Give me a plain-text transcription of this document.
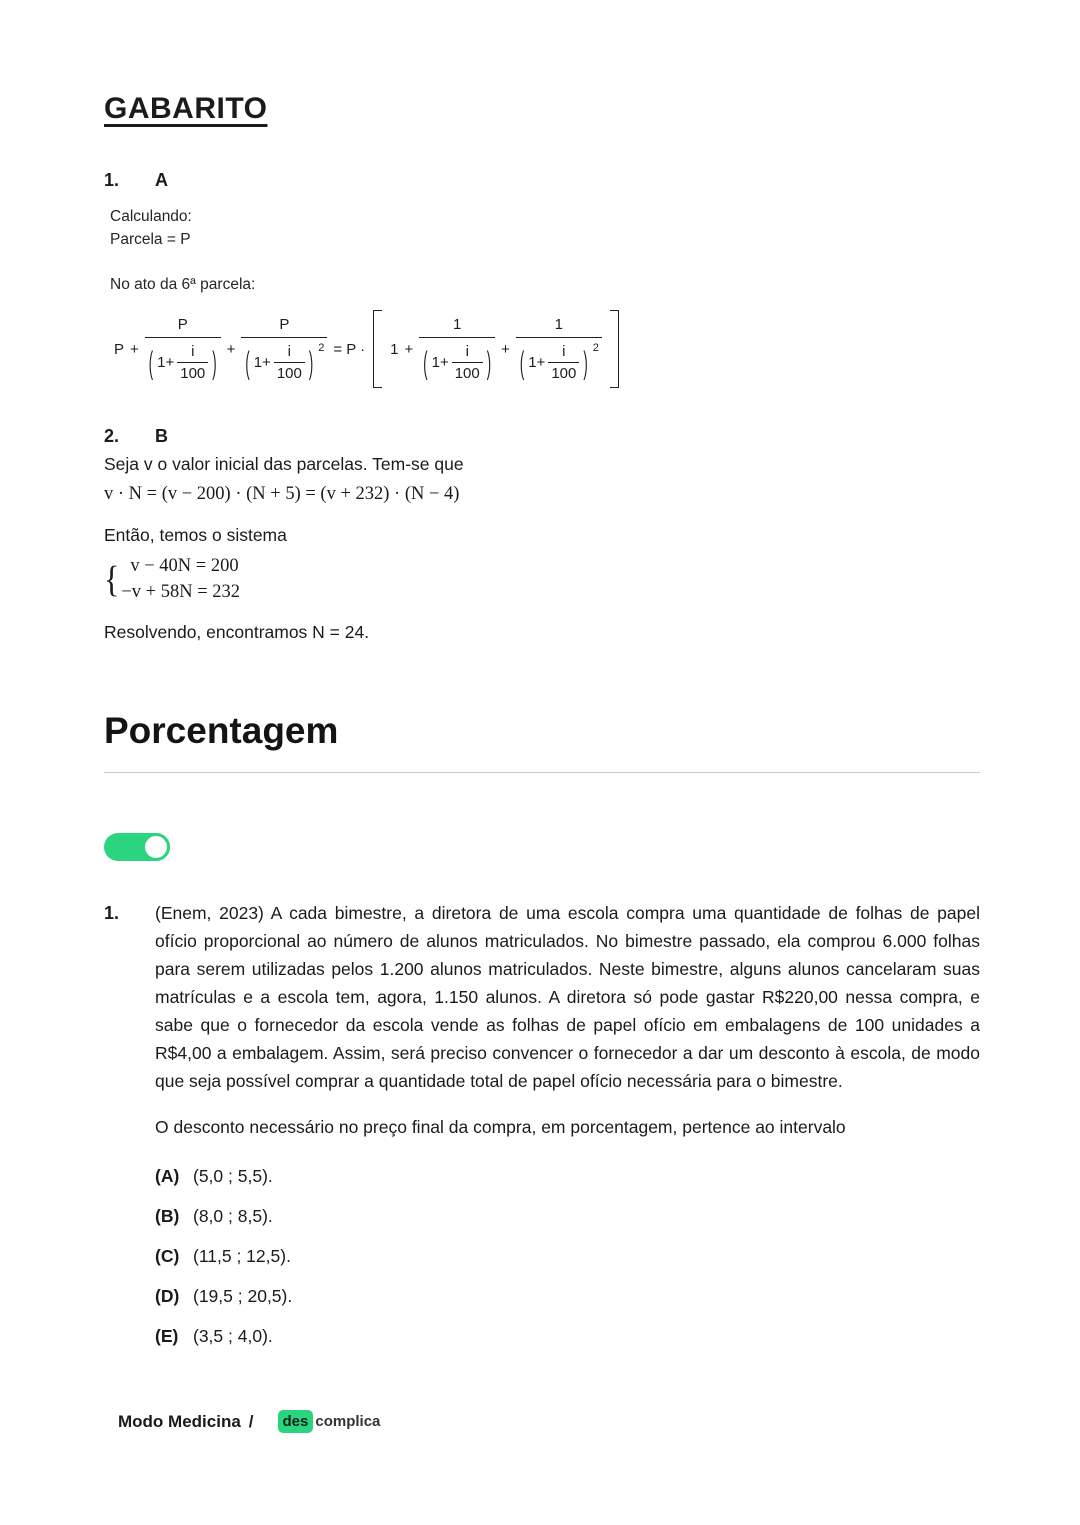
GABARITO
1.	A
Calculando:
Parcela = P
No ato da 6ª parcela:
P +
P
( $1+ \frac{i}{100}$ ) +
P
( $1+ \frac{i}{100}$ ) 2 = P · 1 +
1
( $1+ \frac{i}{100}$ ) +
1
( $1+ \frac{i}{100}$ ) 2
2.	B

Seja v o valor inicial das parcelas. Tem-se que

v · N = (v − 200) · (N + 5) = (v + 232) · (N − 4)

Então, temos o sistema

{ v − 40N = 200
−v + 58N = 232

Resolvendo, encontramos N = 24.

Porcentagem
1.	(Enem, 2023) A cada bimestre, a diretora de uma escola compra uma quantidade de folhas de papel ofício proporcional ao número de alunos matriculados. No bimestre passado, ela comprou 6.000 folhas para serem utilizadas pelos 1.200 alunos matriculados. Neste bimestre, alguns alunos cancelaram suas matrículas e a escola tem, agora, 1.150 alunos. A diretora só pode gastar R$220,00 nessa compra, e sabe que o fornecedor da escola vende as folhas de papel ofício em embalagens de 100 unidades a R$4,00 a embalagem. Assim, será preciso convencer o fornecedor a dar um desconto à escola, de modo que seja possível comprar a quantidade total de papel ofício necessária para o bimestre.

O desconto necessário no preço final da compra, em porcentagem, pertence ao intervalo

(A) (5,0 ; 5,5).
(B) (8,0 ; 8,5).
(C) (11,5 ; 12,5).
(D) (19,5 ; 20,5).
(E) (3,5 ; 4,0).
Modo Medicina /	des complica
